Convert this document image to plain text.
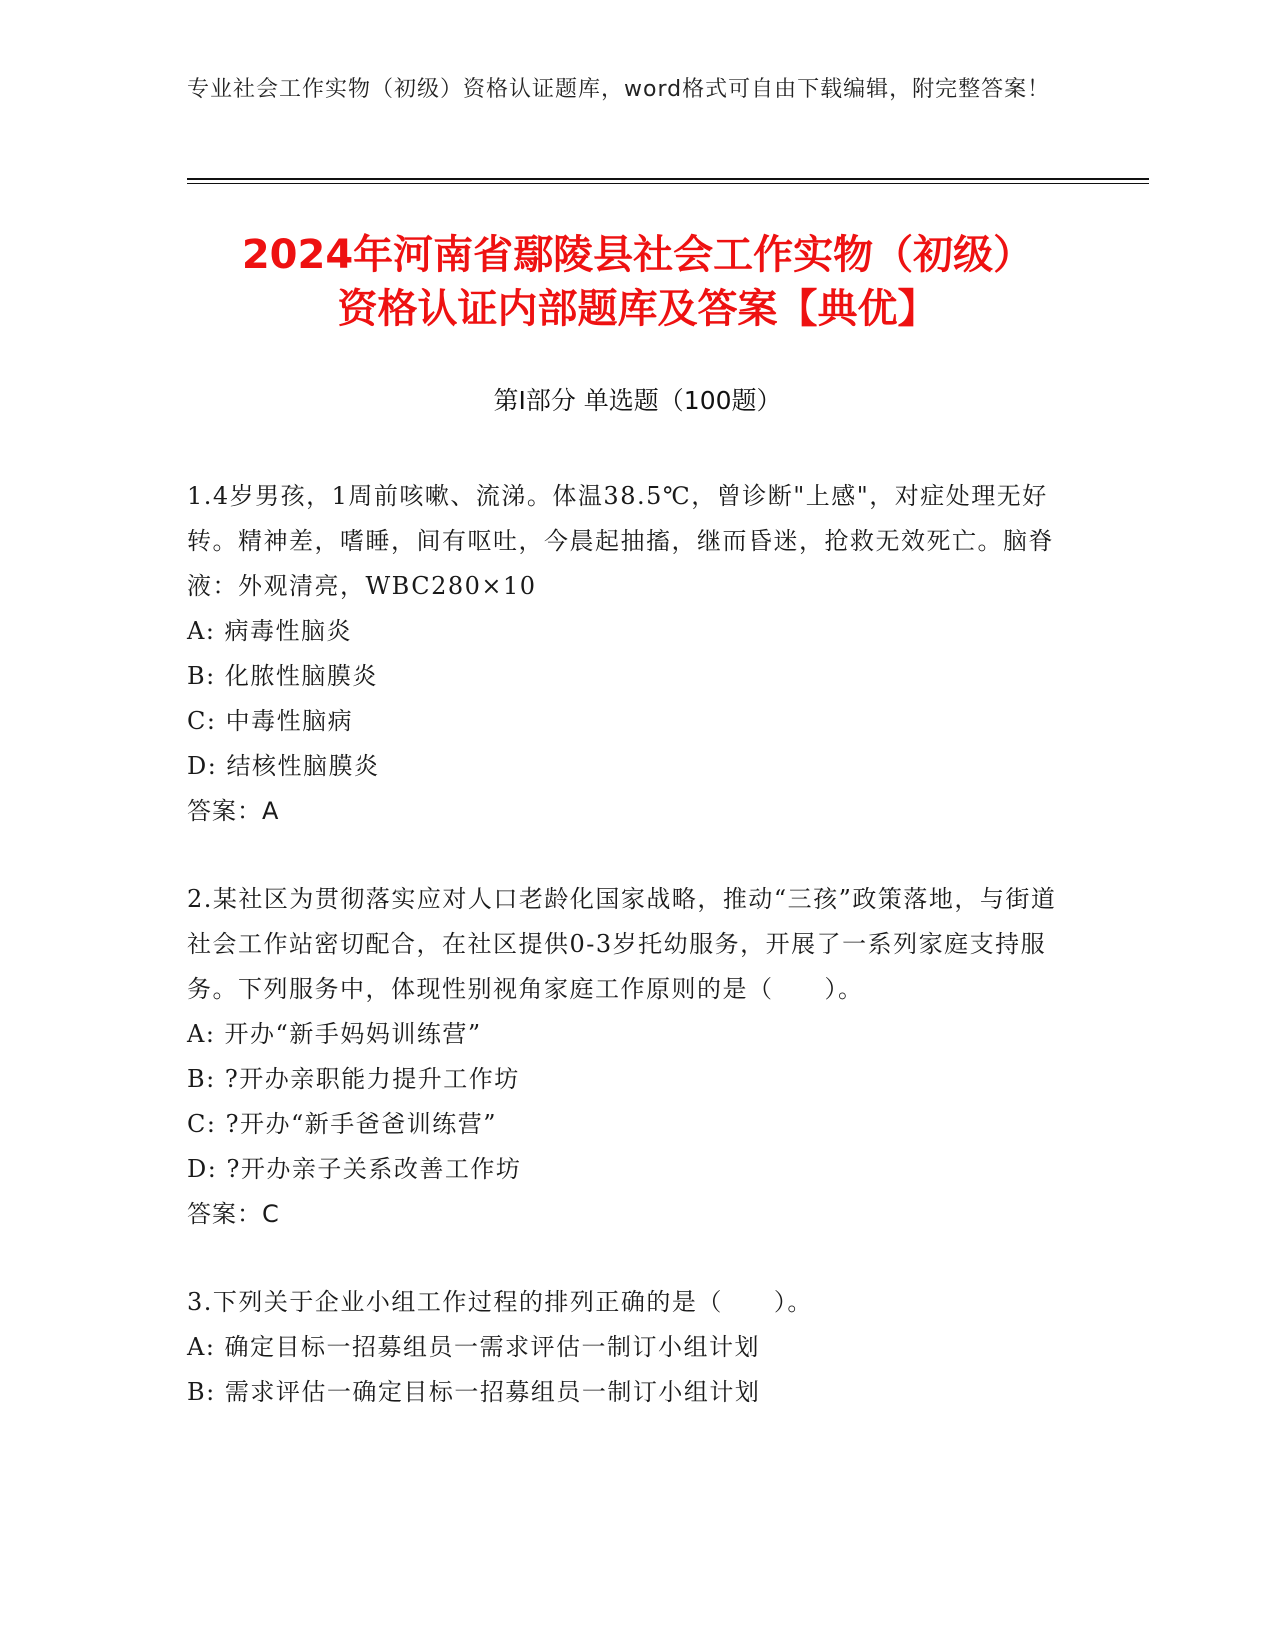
专业社会工作实物（初级）资格认证题库，word格式可自由下载编辑，附完整答案！
2024年河南省鄢陵县社会工作实物（初级）
资格认证内部题库及答案【典优】
第I部分 单选题（100题）
1.4岁男孩，1周前咳嗽、流涕。体温38.5℃，曾诊断"上感"，对症处理无好转。精神差，嗜睡，间有呕吐，今晨起抽搐，继而昏迷，抢救无效死亡。脑脊液：外观清亮，WBC280×10
A: 病毒性脑炎
B: 化脓性脑膜炎
C: 中毒性脑病
D: 结核性脑膜炎
答案：A
2.某社区为贯彻落实应对人口老龄化国家战略，推动“三孩”政策落地，与街道社会工作站密切配合，在社区提供0-3岁托幼服务，开展了一系列家庭支持服务。下列服务中，体现性别视角家庭工作原则的是（　　）。
A: 开办“新手妈妈训练营”
B: ?开办亲职能力提升工作坊
C: ?开办“新手爸爸训练营”
D: ?开办亲子关系改善工作坊
答案：C
3.下列关于企业小组工作过程的排列正确的是（　　）。
A: 确定目标一招募组员一需求评估一制订小组计划
B: 需求评估一确定目标一招募组员一制订小组计划
